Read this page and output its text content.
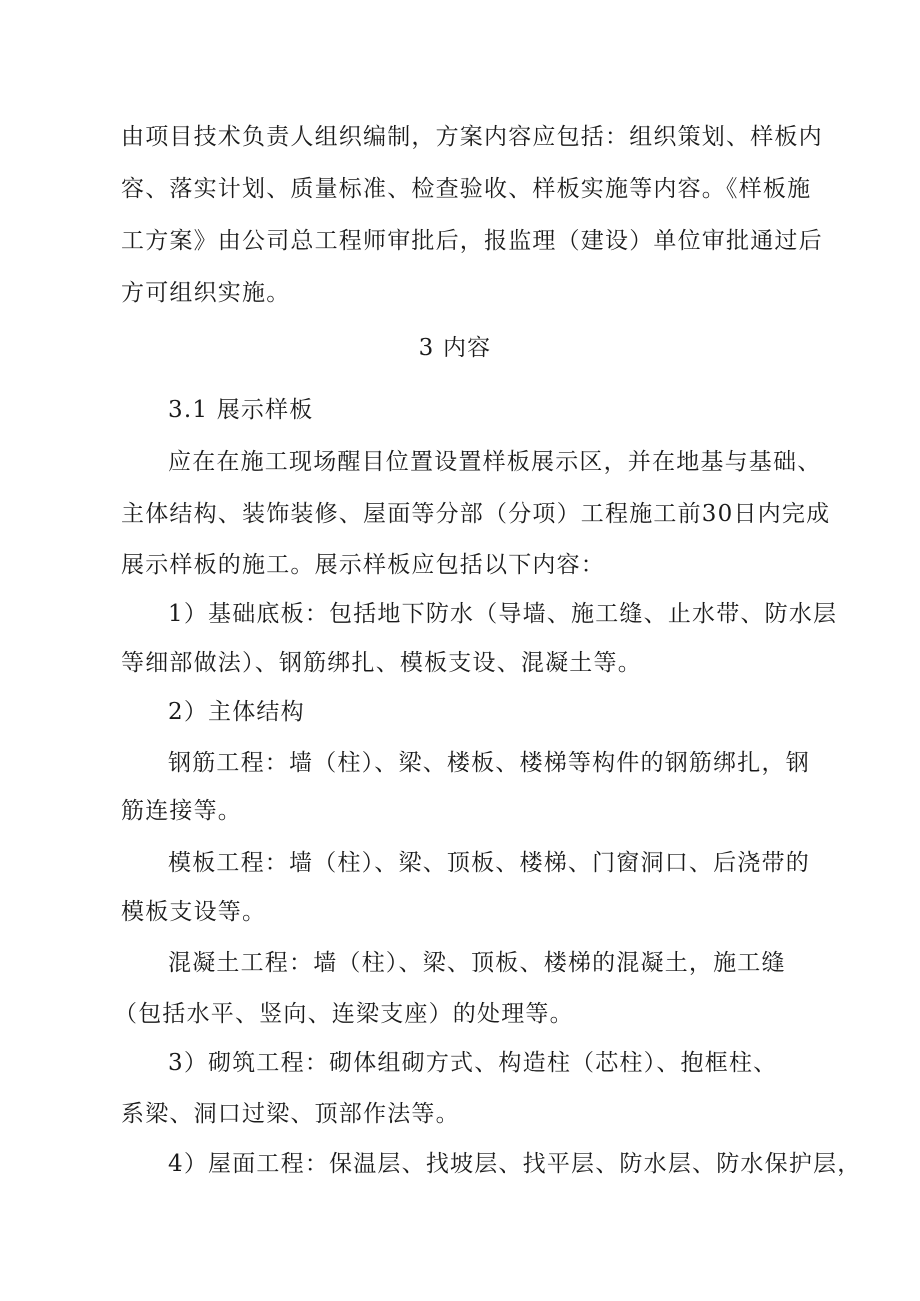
由项目技术负责人组织编制，方案内容应包括：组织策划、样板内
容、落实计划、质量标准、检查验收、样板实施等内容。《样板施
工方案》由公司总工程师审批后，报监理（建设）单位审批通过后
方可组织实施。
3 内容
3.1 展示样板
应在在施工现场醒目位置设置样板展示区，并在地基与基础、
主体结构、装饰装修、屋面等分部（分项）工程施工前30日内完成
展示样板的施工。展示样板应包括以下内容：
1）基础底板：包括地下防水（导墙、施工缝、止水带、防水层
等细部做法）、钢筋绑扎、模板支设、混凝土等。
2）主体结构
钢筋工程：墙（柱）、梁、楼板、楼梯等构件的钢筋绑扎，钢
筋连接等。
模板工程：墙（柱）、梁、顶板、楼梯、门窗洞口、后浇带的
模板支设等。
混凝土工程：墙（柱）、梁、顶板、楼梯的混凝土，施工缝
（包括水平、竖向、连梁支座）的处理等。
3）砌筑工程：砌体组砌方式、构造柱（芯柱）、抱框柱、
系梁、洞口过梁、顶部作法等。
4）屋面工程：保温层、找坡层、找平层、防水层、防水保护层，
